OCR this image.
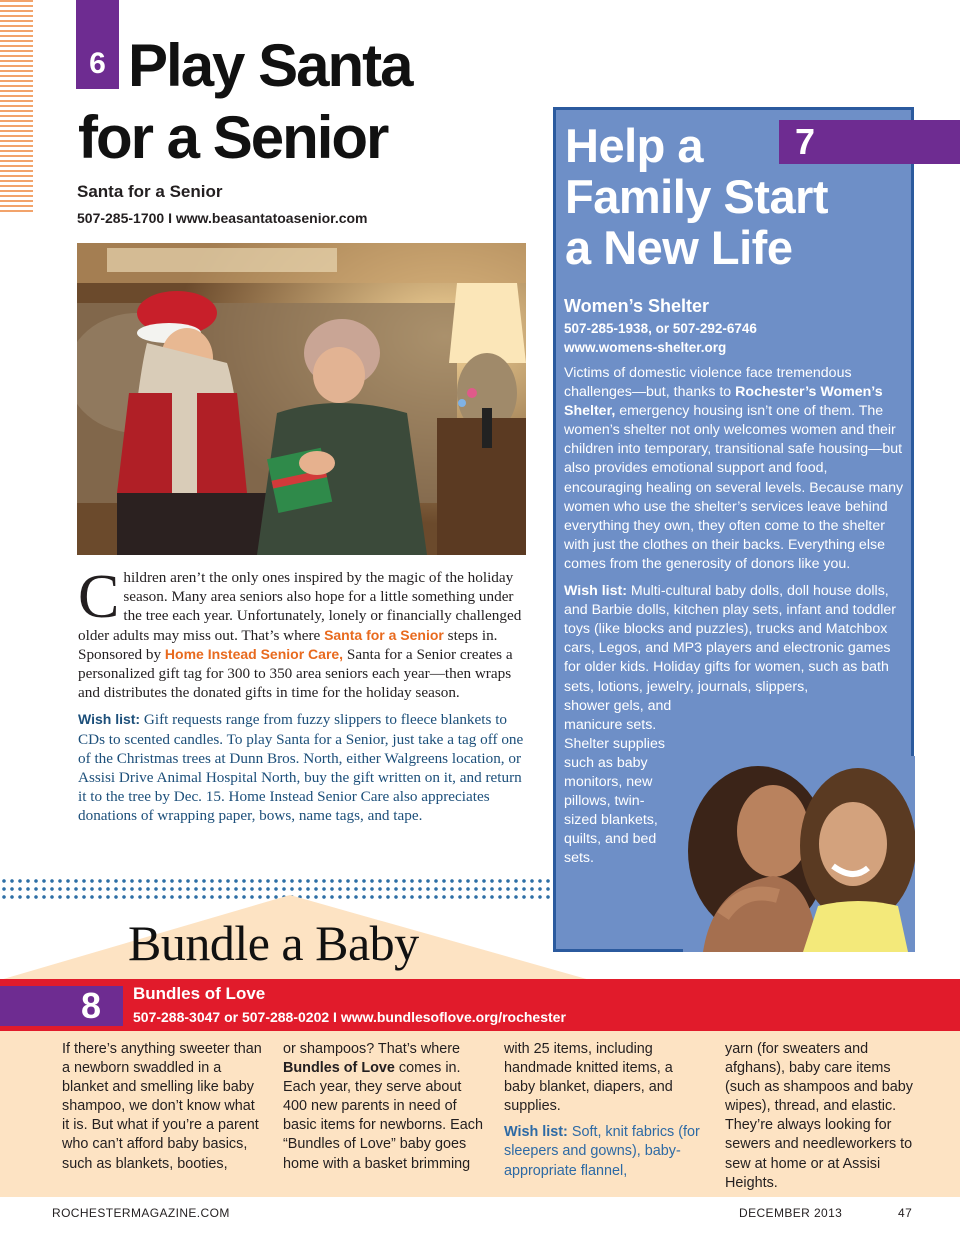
6 Play Santa
for a Senior
Santa for a Senior
507-285-1700 I www.beasantatoasenior.com

Children aren’t the only ones inspired by the magic of the holiday season. Many area seniors also hope for a little something under the tree each year. Unfortunately, lonely or financially challenged older adults may miss out. That’s where Santa for a Senior steps in. Sponsored by Home Instead Senior Care, Santa for a Senior creates a personalized gift tag for 300 to 350 area seniors each year—then wraps and distributes the donated gifts in time for the holiday season.

Wish list: Gift requests range from fuzzy slippers to fleece blankets to CDs to scented candles. To play Santa for a Senior, just take a tag off one of the Christmas trees at Dunn Bros. North, either Walgreens location, or Assisi Drive Animal Hospital North, buy the gift written on it, and return it to the tree by Dec. 15. Home Instead Senior Care also appreciates donations of wrapping paper, bows, name tags, and tape.

7
Help a
Family Start
a New Life
Women’s Shelter
507-285-1938, or 507-292-6746
www.womens-shelter.org

Victims of domestic violence face tremendous challenges—but, thanks to Rochester’s Women’s Shelter, emergency housing isn’t one of them. The women’s shelter not only welcomes women and their children into temporary, transitional safe housing—but also provides emotional support and food, encouraging healing on several levels. Because many women who use the shelter’s services leave behind everything they own, they often come to the shelter with just the clothes on their backs. Everything else comes from the generosity of donors like you.

Wish list: Multi-cultural baby dolls, doll house dolls, and Barbie dolls, kitchen play sets, infant and toddler toys (like blocks and puzzles), trucks and Matchbox cars, Legos, and MP3 players and electronic games for older kids. Holiday gifts for women, such as bath sets, lotions, jewelry, journals, slippers,

shower gels, and
manicure sets.
Shelter supplies
such as baby
monitors, new
pillows, twin-
sized blankets,
quilts, and bed
sets.
Bundle a Baby
8	Bundles of Love
507-288-3047 or 507-288-0202 I www.bundlesoflove.org/rochester
If there’s anything sweeter than a newborn swaddled in a blanket and smelling like baby shampoo, we don’t know what it is. But what if you’re a parent who can’t afford baby basics, such as blankets, booties,
or shampoos? That’s where Bundles of Love comes in. Each year, they serve about 400 new parents in need of basic items for newborns. Each “Bundles of Love” baby goes home with a basket brimming

with 25 items, including handmade knitted items, a baby blanket, diapers, and supplies.

Wish list: Soft, knit fabrics (for sleepers and gowns), baby-appropriate flannel,

yarn (for sweaters and afghans), baby care items (such as shampoos and baby wipes), thread, and elastic. They’re always looking for sewers and needleworkers to sew at home or at Assisi Heights.
ROCHESTERMAGAZINE.COM	DECEMBER 2013	47
